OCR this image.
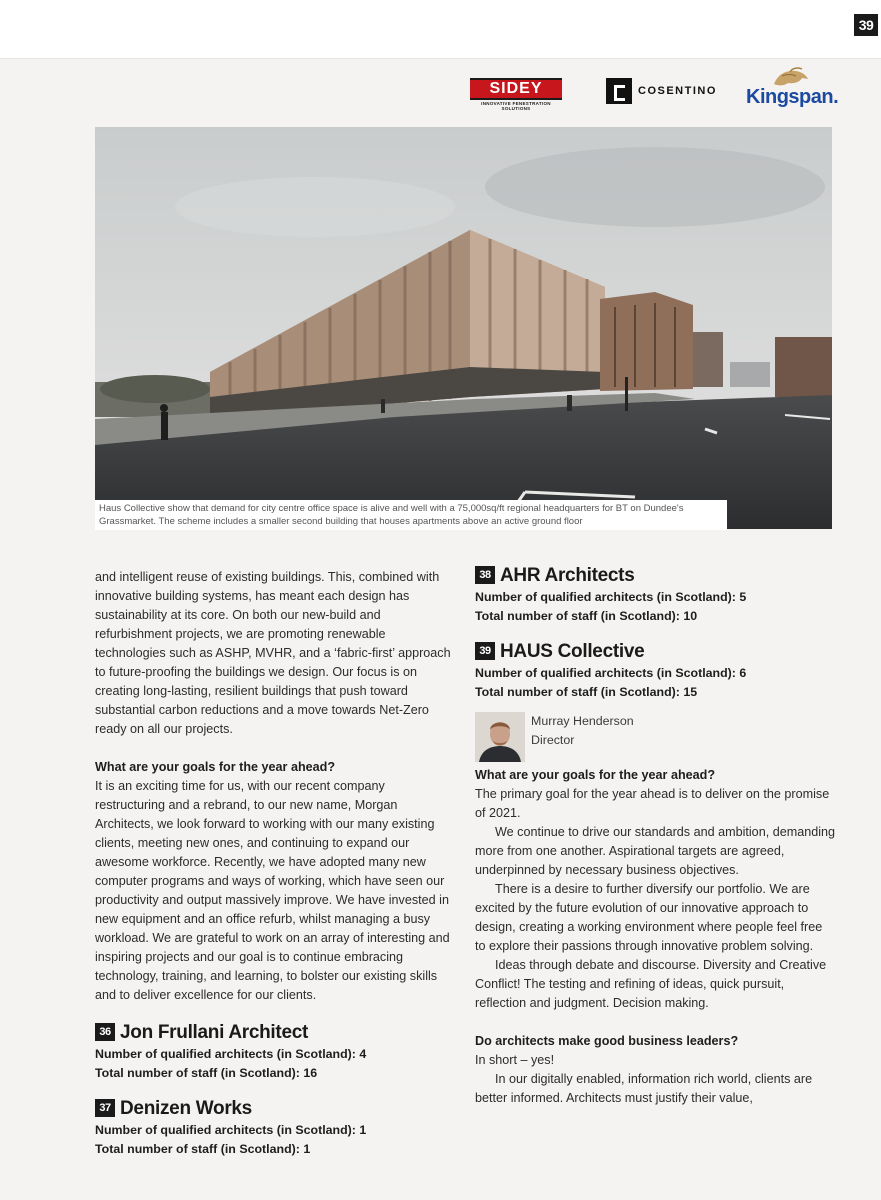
39
SIDEY
INNOVATIVE FENESTRATION SOLUTIONS
COSENTINO Kingspan.
Haus Collective show that demand for city centre office space is alive and well with a 75,000sq/ft regional headquarters for BT on Dundee's Grassmarket. The scheme includes a smaller second building that houses apartments above an active ground floor

and intelligent reuse of existing buildings. This, combined with innovative building systems, has meant each design has sustainability at its core. On both our new-build and refurbishment projects, we are promoting renewable technologies such as ASHP, MVHR, and a ‘fabric-first’ approach to future-proofing the buildings we design. Our focus is on creating long-lasting, resilient buildings that push toward substantial carbon reductions and a move towards Net-Zero ready on all our projects.

What are your goals for the year ahead?

It is an exciting time for us, with our recent company restructuring and a rebrand, to our new name, Morgan Architects, we look forward to working with our many existing clients, meeting new ones, and continuing to expand our awesome workforce. Recently, we have adopted many new computer programs and ways of working, which have seen our productivity and output massively improve. We have invested in new equipment and an office refurb, whilst managing a busy workload. We are grateful to work on an array of interesting and inspiring projects and our goal is to continue embracing technology, training, and learning, to bolster our existing skills and to deliver excellence for our clients.

36 Jon Frullani Architect

Number of qualified architects (in Scotland): 4

Total number of staff (in Scotland): 16

37 Denizen Works

Number of qualified architects (in Scotland): 1

Total number of staff (in Scotland): 1

38 AHR Architects

Number of qualified architects (in Scotland): 5

Total number of staff (in Scotland): 10

39 HAUS Collective

Number of qualified architects (in Scotland): 6

Total number of staff (in Scotland): 15

Murray Henderson
Director

What are your goals for the year ahead?

The primary goal for the year ahead is to deliver on the promise of 2021.

We continue to drive our standards and ambition, demanding more from one another. Aspirational targets are agreed, underpinned by necessary business objectives.

There is a desire to further diversify our portfolio. We are excited by the future evolution of our innovative approach to design, creating a working environment where people feel free to explore their passions through innovative problem solving.

Ideas through debate and discourse. Diversity and Creative Conflict! The testing and refining of ideas, quick pursuit, reflection and judgment. Decision making.

Do architects make good business leaders?

In short – yes!

In our digitally enabled, information rich world, clients are better informed. Architects must justify their value,
